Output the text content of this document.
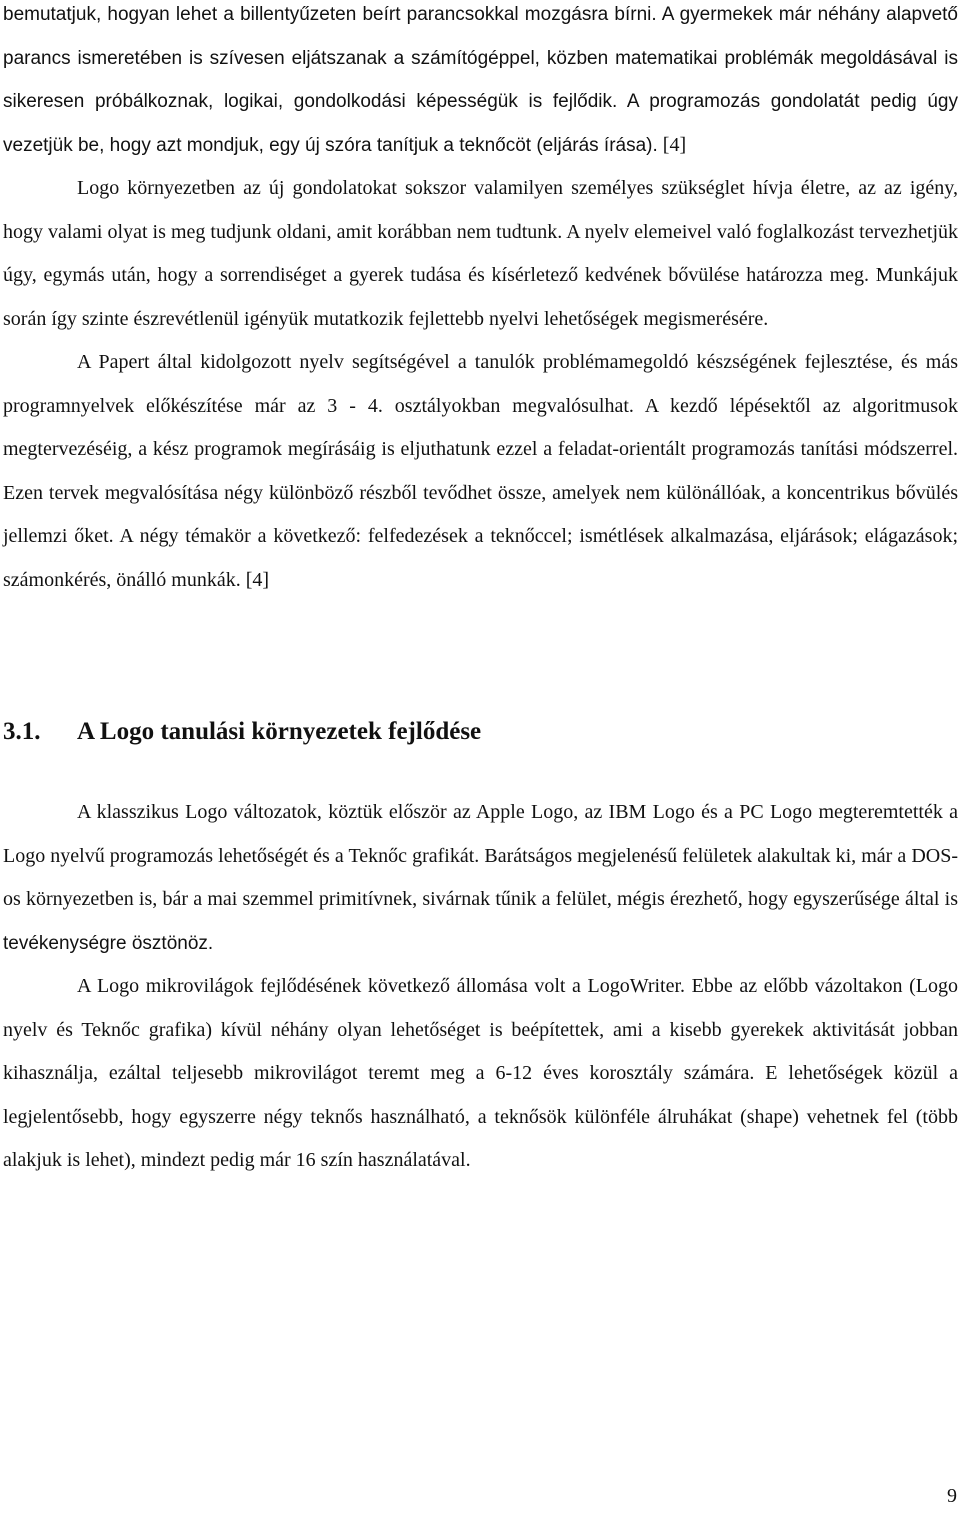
bemutatjuk, hogyan lehet a billentyűzeten beírt parancsokkal mozgásra bírni. A gyermekek már néhány alapvető parancs ismeretében is szívesen eljátszanak a számítógéppel, közben matematikai problémák megoldásával is sikeresen próbálkoznak, logikai, gondolkodási képességük is fejlődik. A programozás gondolatát pedig úgy vezetjük be, hogy azt mondjuk, egy új szóra tanítjuk a teknőcöt (eljárás írása). [4]

Logo környezetben az új gondolatokat sokszor valamilyen személyes szükséglet hívja életre, az az igény, hogy valami olyat is meg tudjunk oldani, amit korábban nem tudtunk. A nyelv elemeivel való foglalkozást tervezhetjük úgy, egymás után, hogy a sorrendiséget a gyerek tudása és kísérletező kedvének bővülése határozza meg. Munkájuk során így szinte észrevétlenül igényük mutatkozik fejlettebb nyelvi lehetőségek megismerésére.

A Papert által kidolgozott nyelv segítségével a tanulók problémamegoldó készségének fejlesztése, és más programnyelvek előkészítése már az 3 - 4. osztályokban megvalósulhat. A kezdő lépésektől az algoritmusok megtervezéséig, a kész programok megírásáig is eljuthatunk ezzel a feladat-orientált programozás tanítási módszerrel. Ezen tervek megvalósítása négy különböző részből tevődhet össze, amelyek nem különállóak, a koncentrikus bővülés jellemzi őket. A négy témakör a következő: felfedezések a teknőccel; ismétlések alkalmazása, eljárások; elágazások; számonkérés, önálló munkák. [4]

3.1.	A Logo tanulási környezetek fejlődése

A klasszikus Logo változatok, köztük először az Apple Logo, az IBM Logo és a PC Logo megteremtették a Logo nyelvű programozás lehetőségét és a Teknőc grafikát. Barátságos megjelenésű felületek alakultak ki, már a DOS-os környezetben is, bár a mai szemmel primitívnek, sivárnak tűnik a felület, mégis érezhető, hogy egyszerűsége által is tevékenységre ösztönöz.

A Logo mikrovilágok fejlődésének következő állomása volt a LogoWriter. Ebbe az előbb vázoltakon (Logo nyelv és Teknőc grafika) kívül néhány olyan lehetőséget is beépítettek, ami a kisebb gyerekek aktivitását jobban kihasználja, ezáltal teljesebb mikrovilágot teremt meg a 6-12 éves korosztály számára. E lehetőségek közül a legjelentősebb, hogy egyszerre négy teknős használható, a teknősök különféle álruhákat (shape) vehetnek fel (több alakjuk is lehet), mindezt pedig már 16 szín használatával.

9
